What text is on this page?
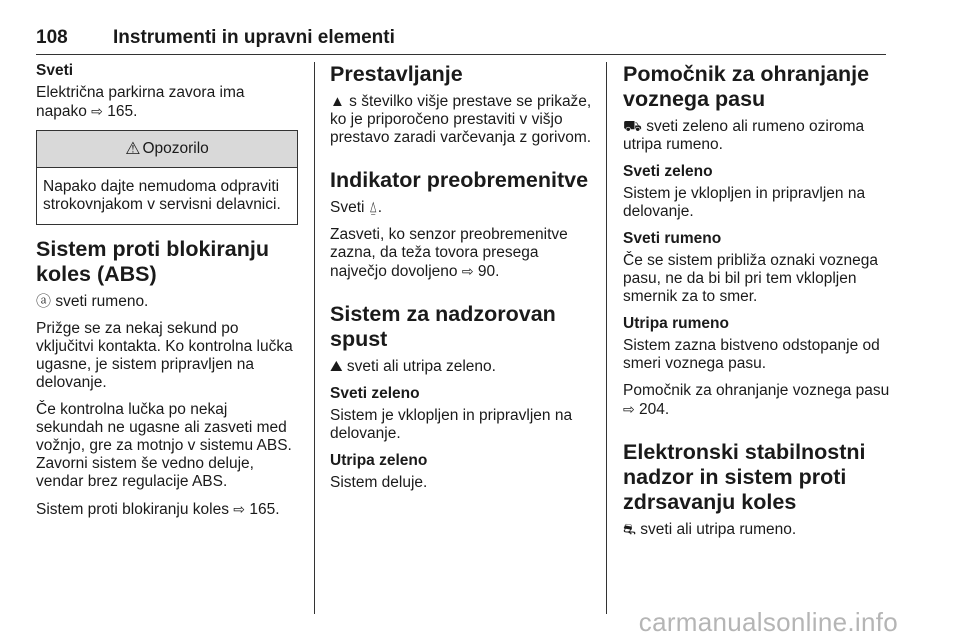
108 Instrumenti in upravni elementi
Sveti

Električna parkirna zavora ima napako ⇨ 165.

⚠ Opozorilo
Napako dajte nemudoma odpraviti strokovnjakom v servisni delavnici.
Sistem proti blokiranju koles (ABS)

ⓐ sveti rumeno.

Prižge se za nekaj sekund po vključitvi kontakta. Ko kontrolna lučka ugasne, je sistem pripravljen na delovanje.

Če kontrolna lučka po nekaj sekundah ne ugasne ali zasveti med vožnjo, gre za motnjo v sistemu ABS. Zavorni sistem še vedno deluje, vendar brez regulacije ABS.

Sistem proti blokiranju koles ⇨ 165.

Prestavljanje

▲ s številko višje prestave se prikaže, ko je priporočeno prestaviti v višjo prestavo zaradi varčevanja z gorivom.

Indikator preobremenitve

Sveti ⍙.

Zasveti, ko senzor preobremenitve zazna, da teža tovora presega največjo dovoljeno ⇨ 90.

Sistem za nadzorovan spust

⛰ sveti ali utripa zeleno.

Sveti zeleno

Sistem je vklopljen in pripravljen na delovanje.

Utripa zeleno

Sistem deluje.

Pomočnik za ohranjanje voznega pasu

⛟ sveti zeleno ali rumeno oziroma utripa rumeno.

Sveti zeleno

Sistem je vklopljen in pripravljen na delovanje.

Sveti rumeno

Če se sistem približa oznaki voznega pasu, ne da bi bil pri tem vklopljen smernik za to smer.

Utripa rumeno

Sistem zazna bistveno odstopanje od smeri voznega pasu.

Pomočnik za ohranjanje voznega pasu ⇨ 204.

Elektronski stabilnostni nadzor in sistem proti zdrsavanju koles

⛐ sveti ali utripa rumeno.

carmanualsonline.info
